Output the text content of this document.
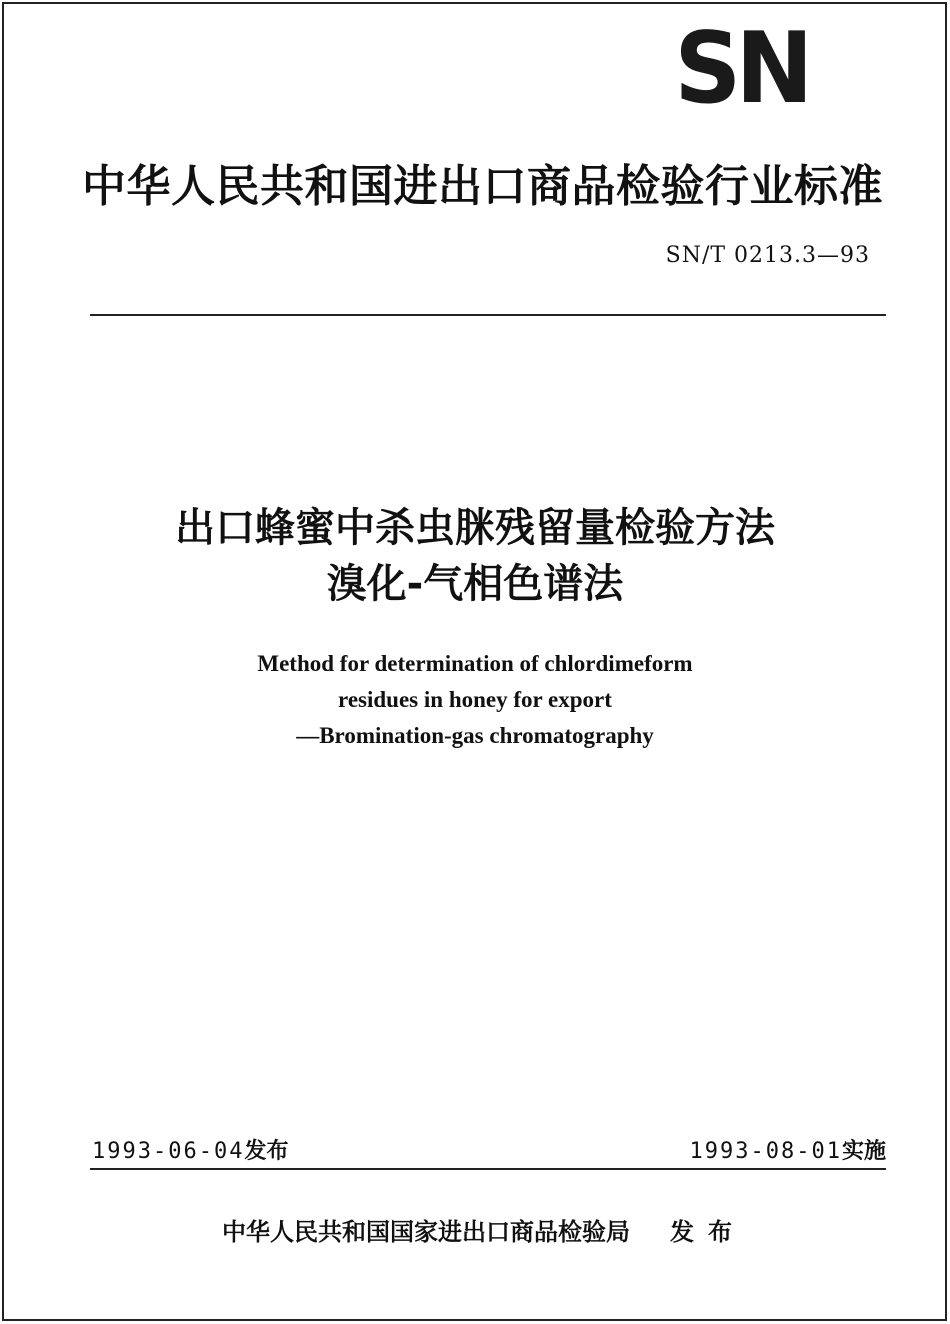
SN
中华人民共和国进出口商品检验行业标准
SN/T 0213.3—93
出口蜂蜜中杀虫脒残留量检验方法
溴化-气相色谱法
Method for determination of chlordimeform
residues in honey for export
—Bromination-gas chromatography
1993-06-04发布	1993-08-01实施
中华人民共和国国家进出口商品检验局 发布
